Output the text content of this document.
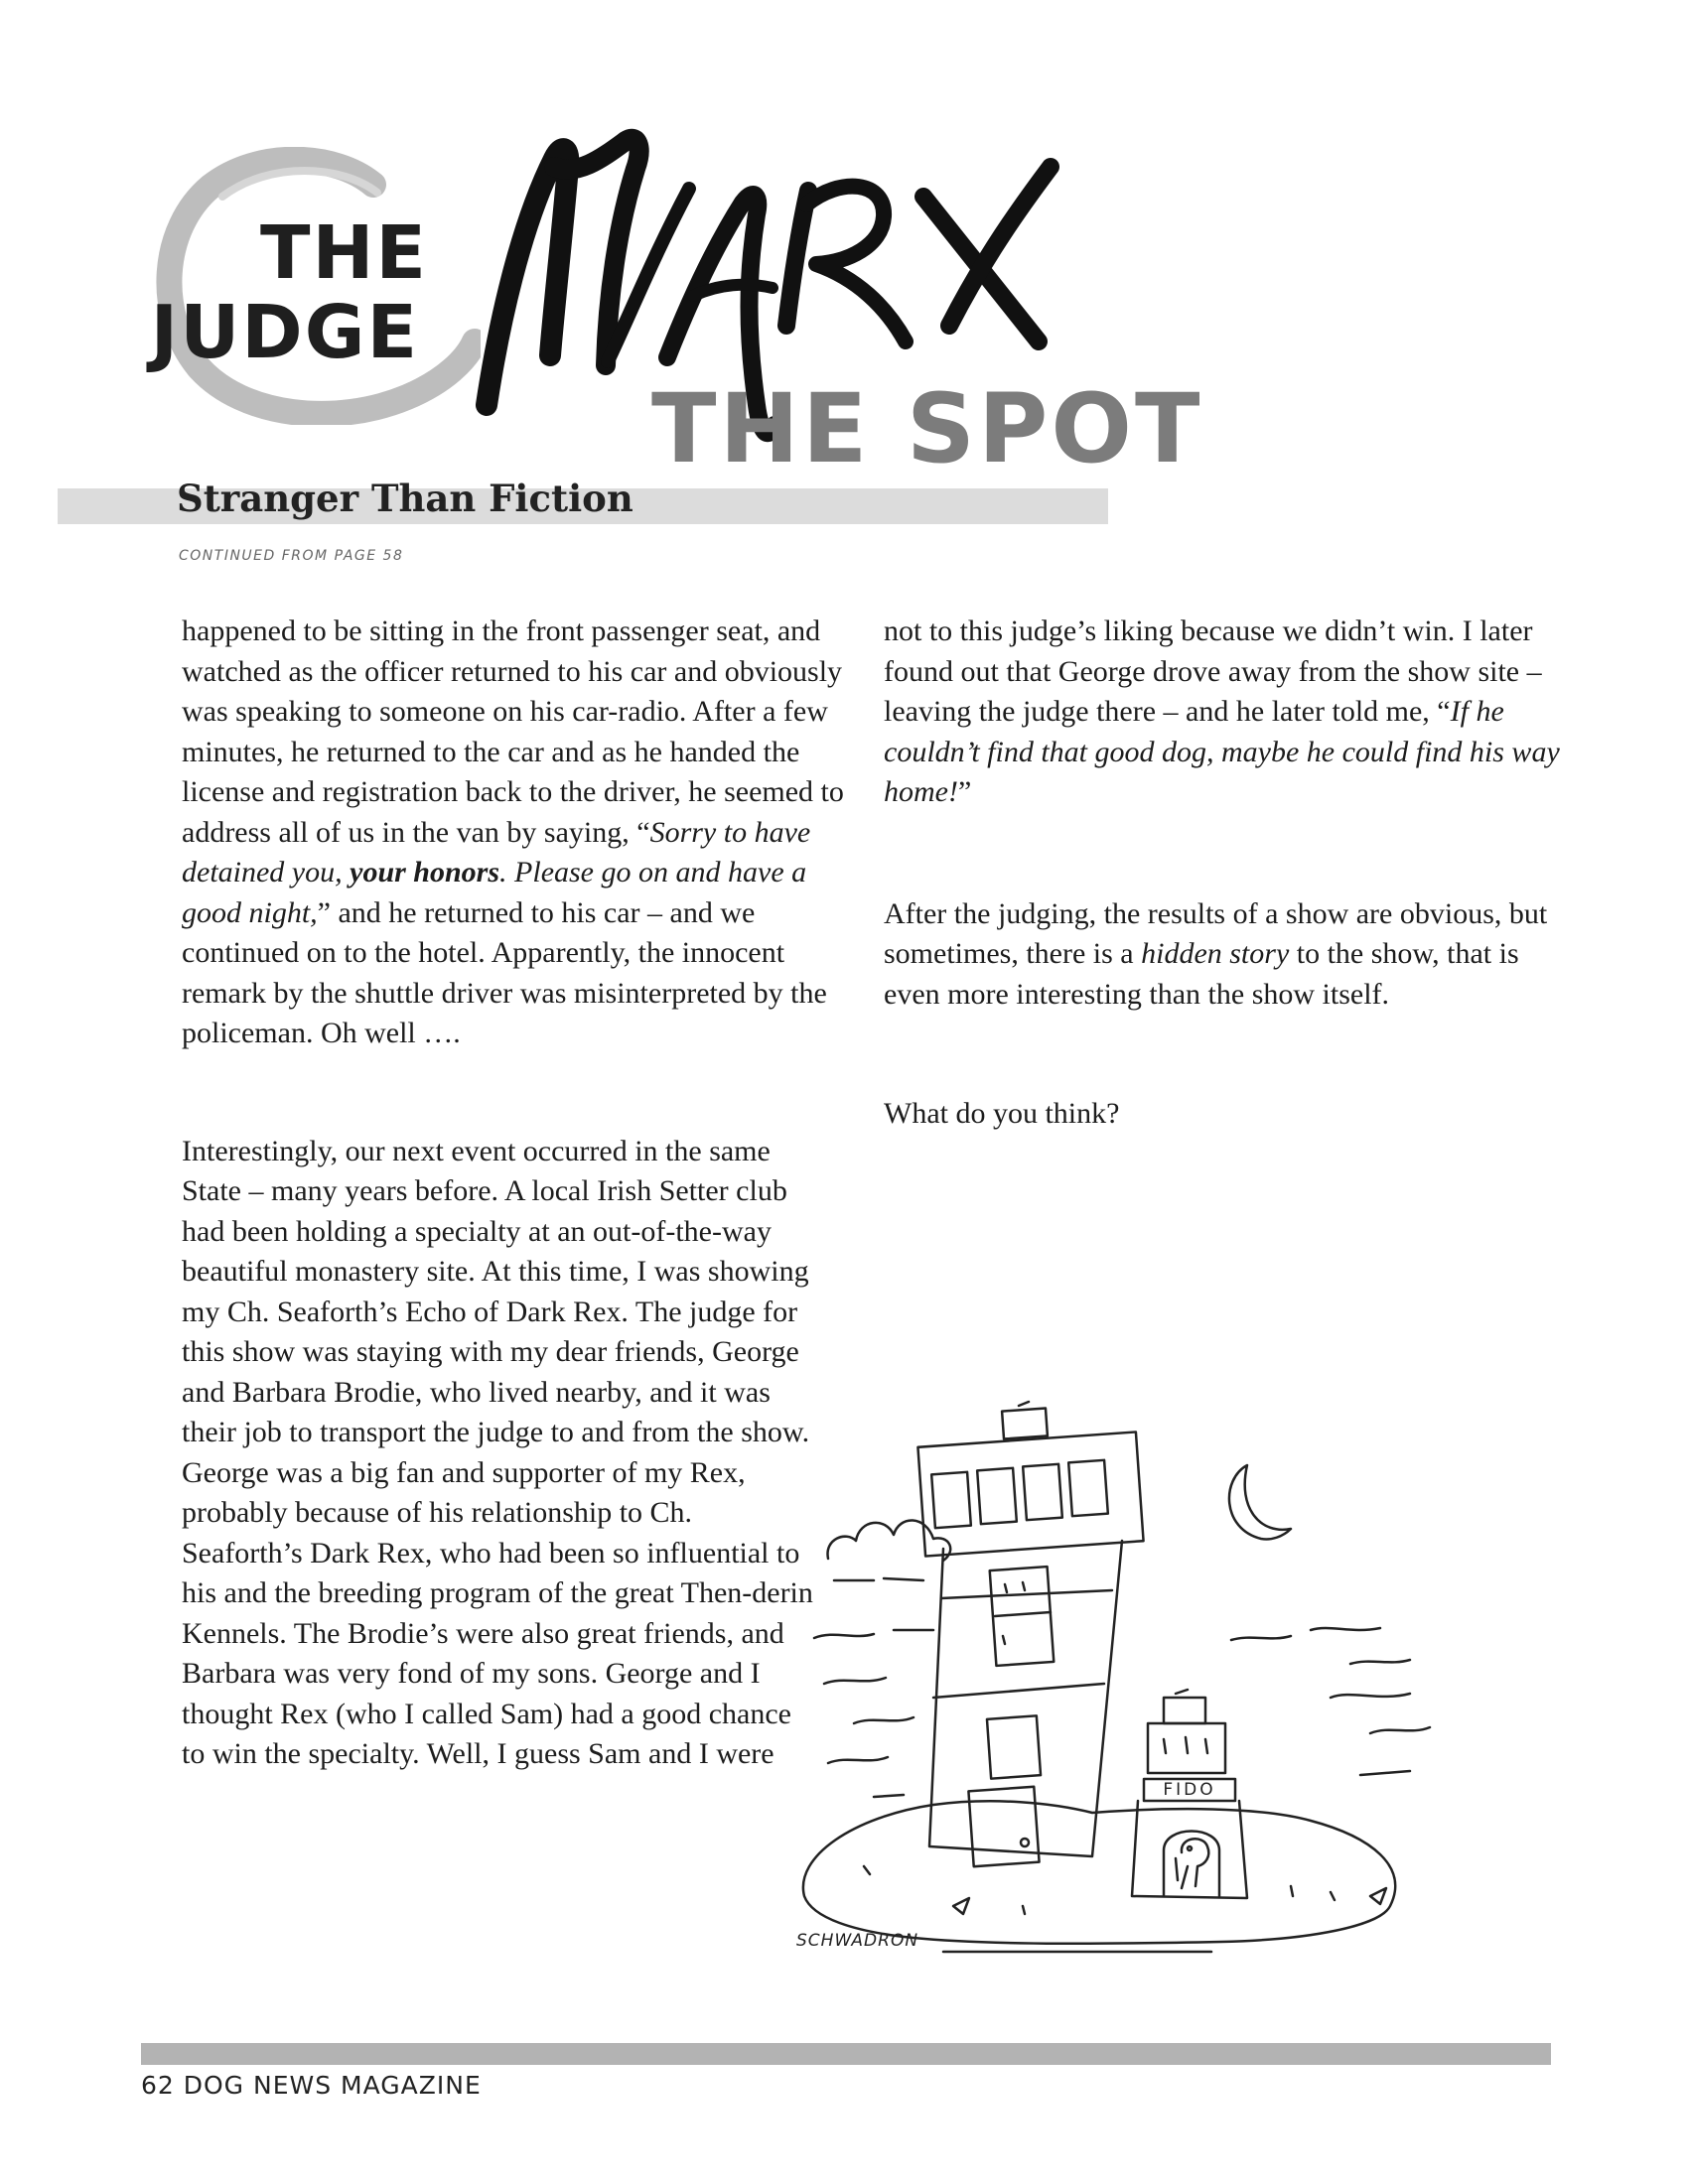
THE
JUDGE
THE SPOT
Stranger Than Fiction
CONTINUED FROM PAGE 58

happened to be sitting in the front passenger seat, and watched as the officer returned to his car and obviously was speaking to someone on his car-radio. After a few minutes, he returned to the car and as he handed the license and registration back to the driver, he seemed to address all of us in the van by saying, “Sorry to have detained you, your honors. Please go on and have a good night,” and he returned to his car – and we continued on to the hotel. Apparently, the innocent remark by the shuttle driver was misinterpreted by the policeman. Oh well ….

Interestingly, our next event occurred in the same State – many years before. A local Irish Setter club had been holding a specialty at an out-of-the-way beautiful monastery site. At this time, I was showing my Ch. Seaforth’s Echo of Dark Rex. The judge for this show was staying with my dear friends, George and Barbara Brodie, who lived nearby, and it was their job to transport the judge to and from the show. George was a big fan and supporter of my Rex, probably because of his relationship to Ch. Seaforth’s Dark Rex, who had been so influential to his and the breeding program of the great Then-derin Kennels. The Brodie’s were also great friends, and Barbara was very fond of my sons. George and I thought Rex (who I called Sam) had a good chance to win the specialty. Well, I guess Sam and I were

not to this judge’s liking because we didn’t win. I later found out that George drove away from the show site – leaving the judge there – and he later told me, “If he couldn’t find that good dog, maybe he could find his way home!”

After the judging, the results of a show are obvious, but sometimes, there is a hidden story to the show, that is even more interesting than the show itself.

What do you think?

FIDO
SCHWADRON
62 DOG NEWS MAGAZINE
